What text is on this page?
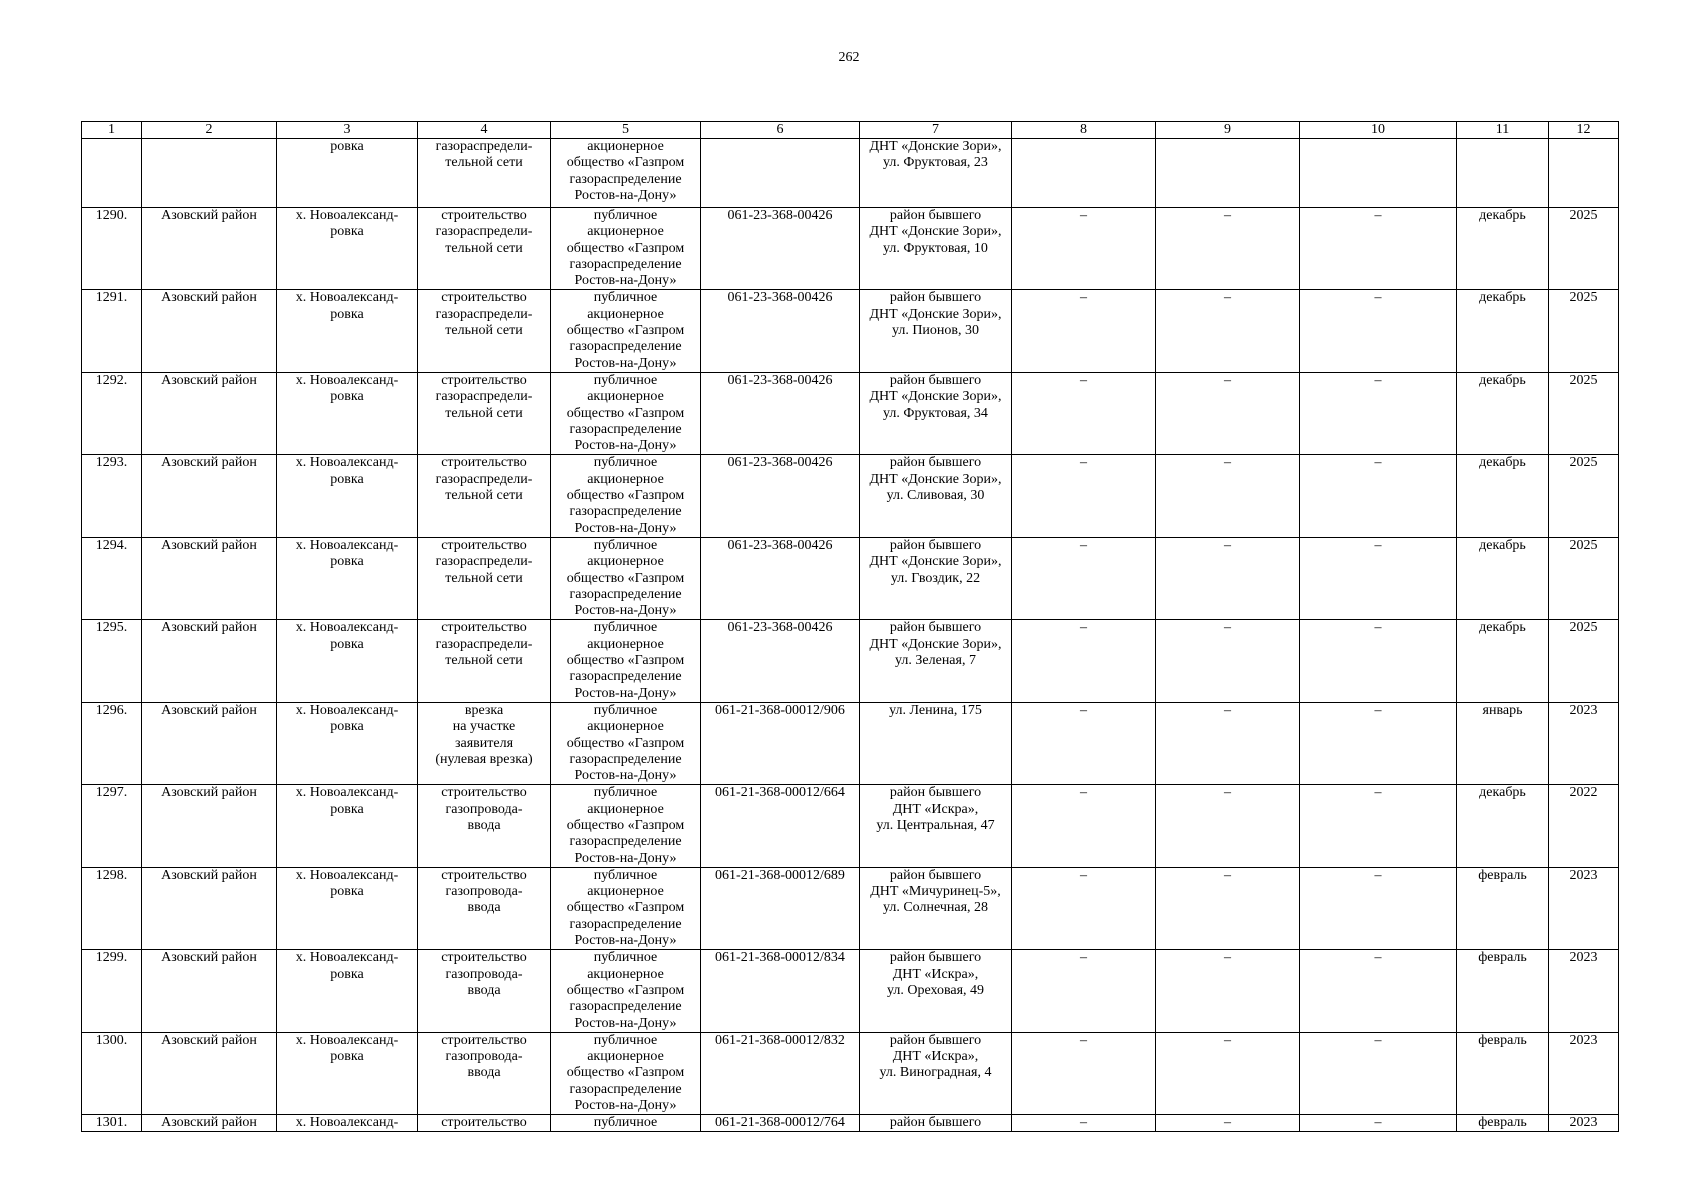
262
1	2	3	4	5	6	7	8	9	10	11	12
		ровка	газораспредели-
тельной сети	акционерное
общество «Газпром
газораспределение
Ростов-на-Дону»		ДНТ «Донские Зори»,
ул. Фруктовая, 23					
1290.	Азовский район	х. Новоалександ-
ровка	строительство
газораспредели-
тельной сети	публичное
акционерное
общество «Газпром
газораспределение
Ростов-на-Дону»	061-23-368-00426	район бывшего
ДНТ «Донские Зори»,
ул. Фруктовая, 10	–	–	–	декабрь	2025
1291.	Азовский район	х. Новоалександ-
ровка	строительство
газораспредели-
тельной сети	публичное
акционерное
общество «Газпром
газораспределение
Ростов-на-Дону»	061-23-368-00426	район бывшего
ДНТ «Донские Зори»,
ул. Пионов, 30	–	–	–	декабрь	2025
1292.	Азовский район	х. Новоалександ-
ровка	строительство
газораспредели-
тельной сети	публичное
акционерное
общество «Газпром
газораспределение
Ростов-на-Дону»	061-23-368-00426	район бывшего
ДНТ «Донские Зори»,
ул. Фруктовая, 34	–	–	–	декабрь	2025
1293.	Азовский район	х. Новоалександ-
ровка	строительство
газораспредели-
тельной сети	публичное
акционерное
общество «Газпром
газораспределение
Ростов-на-Дону»	061-23-368-00426	район бывшего
ДНТ «Донские Зори»,
ул. Сливовая, 30	–	–	–	декабрь	2025
1294.	Азовский район	х. Новоалександ-
ровка	строительство
газораспредели-
тельной сети	публичное
акционерное
общество «Газпром
газораспределение
Ростов-на-Дону»	061-23-368-00426	район бывшего
ДНТ «Донские Зори»,
ул. Гвоздик, 22	–	–	–	декабрь	2025
1295.	Азовский район	х. Новоалександ-
ровка	строительство
газораспредели-
тельной сети	публичное
акционерное
общество «Газпром
газораспределение
Ростов-на-Дону»	061-23-368-00426	район бывшего
ДНТ «Донские Зори»,
ул. Зеленая, 7	–	–	–	декабрь	2025
1296.	Азовский район	х. Новоалександ-
ровка	врезка
на участке
заявителя
(нулевая врезка)	публичное
акционерное
общество «Газпром
газораспределение
Ростов-на-Дону»	061-21-368-00012/906	ул. Ленина, 175	–	–	–	январь	2023
1297.	Азовский район	х. Новоалександ-
ровка	строительство
газопровода-
ввода	публичное
акционерное
общество «Газпром
газораспределение
Ростов-на-Дону»	061-21-368-00012/664	район бывшего
ДНТ «Искра»,
ул. Центральная, 47	–	–	–	декабрь	2022
1298.	Азовский район	х. Новоалександ-
ровка	строительство
газопровода-
ввода	публичное
акционерное
общество «Газпром
газораспределение
Ростов-на-Дону»	061-21-368-00012/689	район бывшего
ДНТ «Мичуринец-5»,
ул. Солнечная, 28	–	–	–	февраль	2023
1299.	Азовский район	х. Новоалександ-
ровка	строительство
газопровода-
ввода	публичное
акционерное
общество «Газпром
газораспределение
Ростов-на-Дону»	061-21-368-00012/834	район бывшего
ДНТ «Искра»,
ул. Ореховая, 49	–	–	–	февраль	2023
1300.	Азовский район	х. Новоалександ-
ровка	строительство
газопровода-
ввода	публичное
акционерное
общество «Газпром
газораспределение
Ростов-на-Дону»	061-21-368-00012/832	район бывшего
ДНТ «Искра»,
ул. Виноградная, 4	–	–	–	февраль	2023
1301.	Азовский район	х. Новоалександ-	строительство	публичное	061-21-368-00012/764	район бывшего	–	–	–	февраль	2023
